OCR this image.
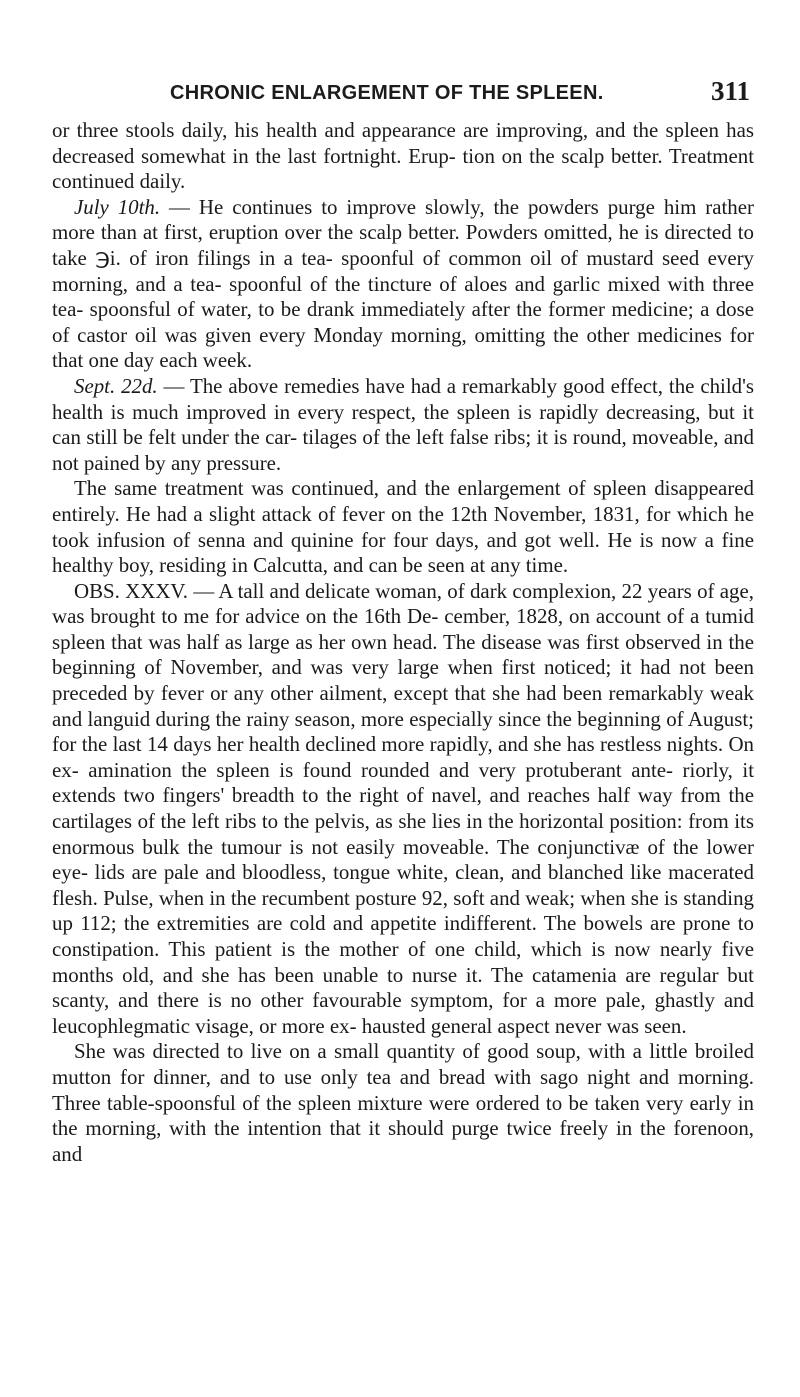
CHRONIC ENLARGEMENT OF THE SPLEEN.	311

or three stools daily, his health and appearance are improving, and the spleen has decreased somewhat in the last fortnight. Erup- tion on the scalp better. Treatment continued daily.

July 10th. — He continues to improve slowly, the powders purge him rather more than at first, eruption over the scalp better. Powders omitted, he is directed to take ℈i. of iron filings in a tea- spoonful of common oil of mustard seed every morning, and a tea- spoonful of the tincture of aloes and garlic mixed with three tea- spoonsful of water, to be drank immediately after the former medicine; a dose of castor oil was given every Monday morning, omitting the other medicines for that one day each week.

Sept. 22d. — The above remedies have had a remarkably good effect, the child's health is much improved in every respect, the spleen is rapidly decreasing, but it can still be felt under the car- tilages of the left false ribs; it is round, moveable, and not pained by any pressure.

The same treatment was continued, and the enlargement of spleen disappeared entirely. He had a slight attack of fever on the 12th November, 1831, for which he took infusion of senna and quinine for four days, and got well. He is now a fine healthy boy, residing in Calcutta, and can be seen at any time.

OBS. XXXV. — A tall and delicate woman, of dark complexion, 22 years of age, was brought to me for advice on the 16th De- cember, 1828, on account of a tumid spleen that was half as large as her own head. The disease was first observed in the beginning of November, and was very large when first noticed; it had not been preceded by fever or any other ailment, except that she had been remarkably weak and languid during the rainy season, more especially since the beginning of August; for the last 14 days her health declined more rapidly, and she has restless nights. On ex- amination the spleen is found rounded and very protuberant ante- riorly, it extends two fingers' breadth to the right of navel, and reaches half way from the cartilages of the left ribs to the pelvis, as she lies in the horizontal position: from its enormous bulk the tumour is not easily moveable. The conjunctivæ of the lower eye- lids are pale and bloodless, tongue white, clean, and blanched like macerated flesh. Pulse, when in the recumbent posture 92, soft and weak; when she is standing up 112; the extremities are cold and appetite indifferent. The bowels are prone to constipation. This patient is the mother of one child, which is now nearly five months old, and she has been unable to nurse it. The catamenia are regular but scanty, and there is no other favourable symptom, for a more pale, ghastly and leucophlegmatic visage, or more ex- hausted general aspect never was seen.

She was directed to live on a small quantity of good soup, with a little broiled mutton for dinner, and to use only tea and bread with sago night and morning. Three table-spoonsful of the spleen mixture were ordered to be taken very early in the morning, with the intention that it should purge twice freely in the forenoon, and
